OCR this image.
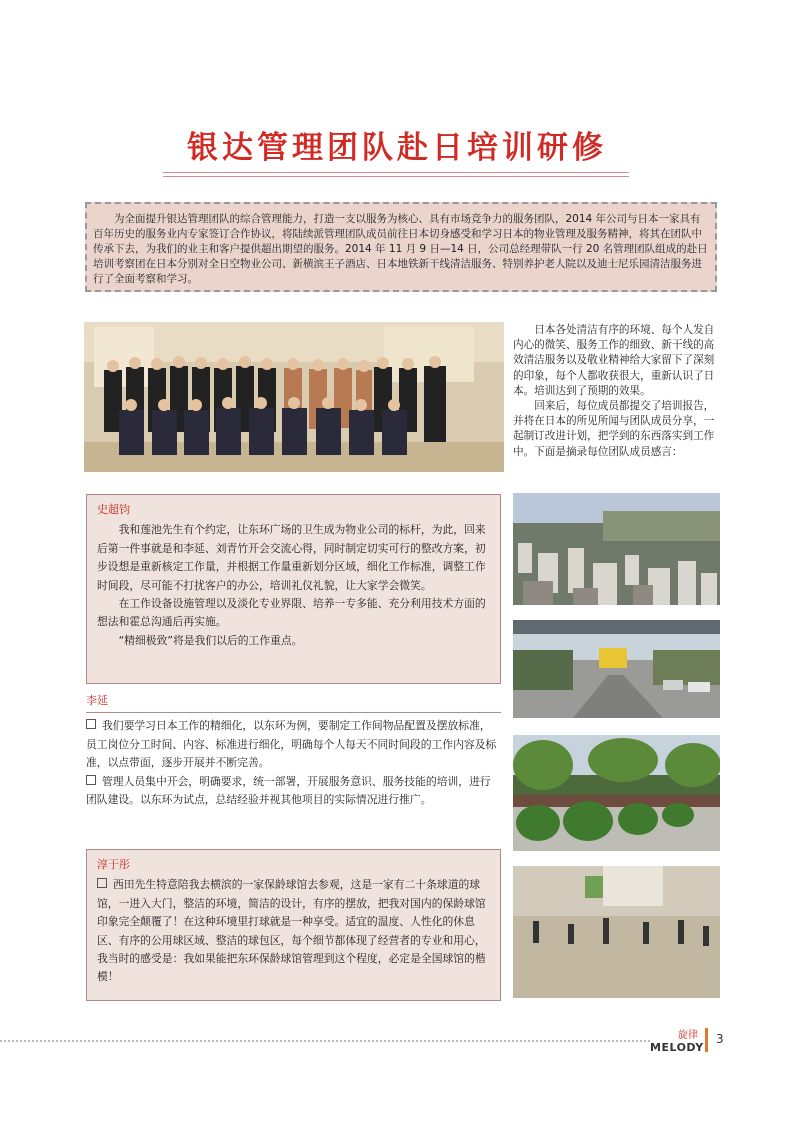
银达管理团队赴日培训研修
为全面提升银达管理团队的综合管理能力，打造一支以服务为核心、具有市场竞争力的服务团队，2014 年公司与日本一家具有百年历史的服务业内专家签订合作协议，将陆续派管理团队成员前往日本切身感受和学习日本的物业管理及服务精神，将其在团队中传承下去，为我们的业主和客户提供超出期望的服务。2014 年 11 月 9 日—14 日，公司总经理带队一行 20 名管理团队组成的赴日培训考察团在日本分别对全日空物业公司、新横滨王子酒店、日本地铁新干线清洁服务、特别养护老人院以及迪士尼乐园清洁服务进行了全面考察和学习。

日本各处清洁有序的环境、每个人发自内心的微笑、服务工作的细致、新干线的高效清洁服务以及敬业精神给大家留下了深刻的印象，每个人都收获很大，重新认识了日本。培训达到了预期的效果。

回来后，每位成员都提交了培训报告，并将在日本的所见所闻与团队成员分享，一起制订改进计划，把学到的东西落实到工作中。下面是摘录每位团队成员感言：

史超钧

我和莲池先生有个约定，让东环广场的卫生成为物业公司的标杆，为此，回来后第一件事就是和李延、刘青竹开会交流心得，同时制定切实可行的整改方案，初步设想是重新核定工作量，并根据工作量重新划分区域，细化工作标准，调整工作时间段，尽可能不打扰客户的办公，培训礼仪礼貌，让大家学会微笑。

在工作设备设施管理以及淡化专业界限、培养一专多能、充分利用技术方面的想法和霍总沟通后再实施。

“精细极致”将是我们以后的工作重点。

李延

我们要学习日本工作的精细化，以东环为例，要制定工作间物品配置及摆放标准，员工岗位分工时间、内容、标准进行细化，明确每个人每天不同时间段的工作内容及标准，以点带面，逐步开展并不断完善。

管理人员集中开会，明确要求，统一部署，开展服务意识、服务技能的培训，进行团队建设。以东环为试点，总结经验并视其他项目的实际情况进行推广。

淳于彤

西田先生特意陪我去横滨的一家保龄球馆去参观，这是一家有二十条球道的球馆，一进入大门，整洁的环境，简洁的设计，有序的摆放，把我对国内的保龄球馆印象完全颠覆了！在这种环境里打球就是一种享受。适宜的温度、人性化的休息区、有序的公用球区域、整洁的球包区，每个细节都体现了经营者的专业和用心，我当时的感受是：我如果能把东环保龄球馆管理到这个程度，必定是全国球馆的楷模！

旋律
MELODY
3
